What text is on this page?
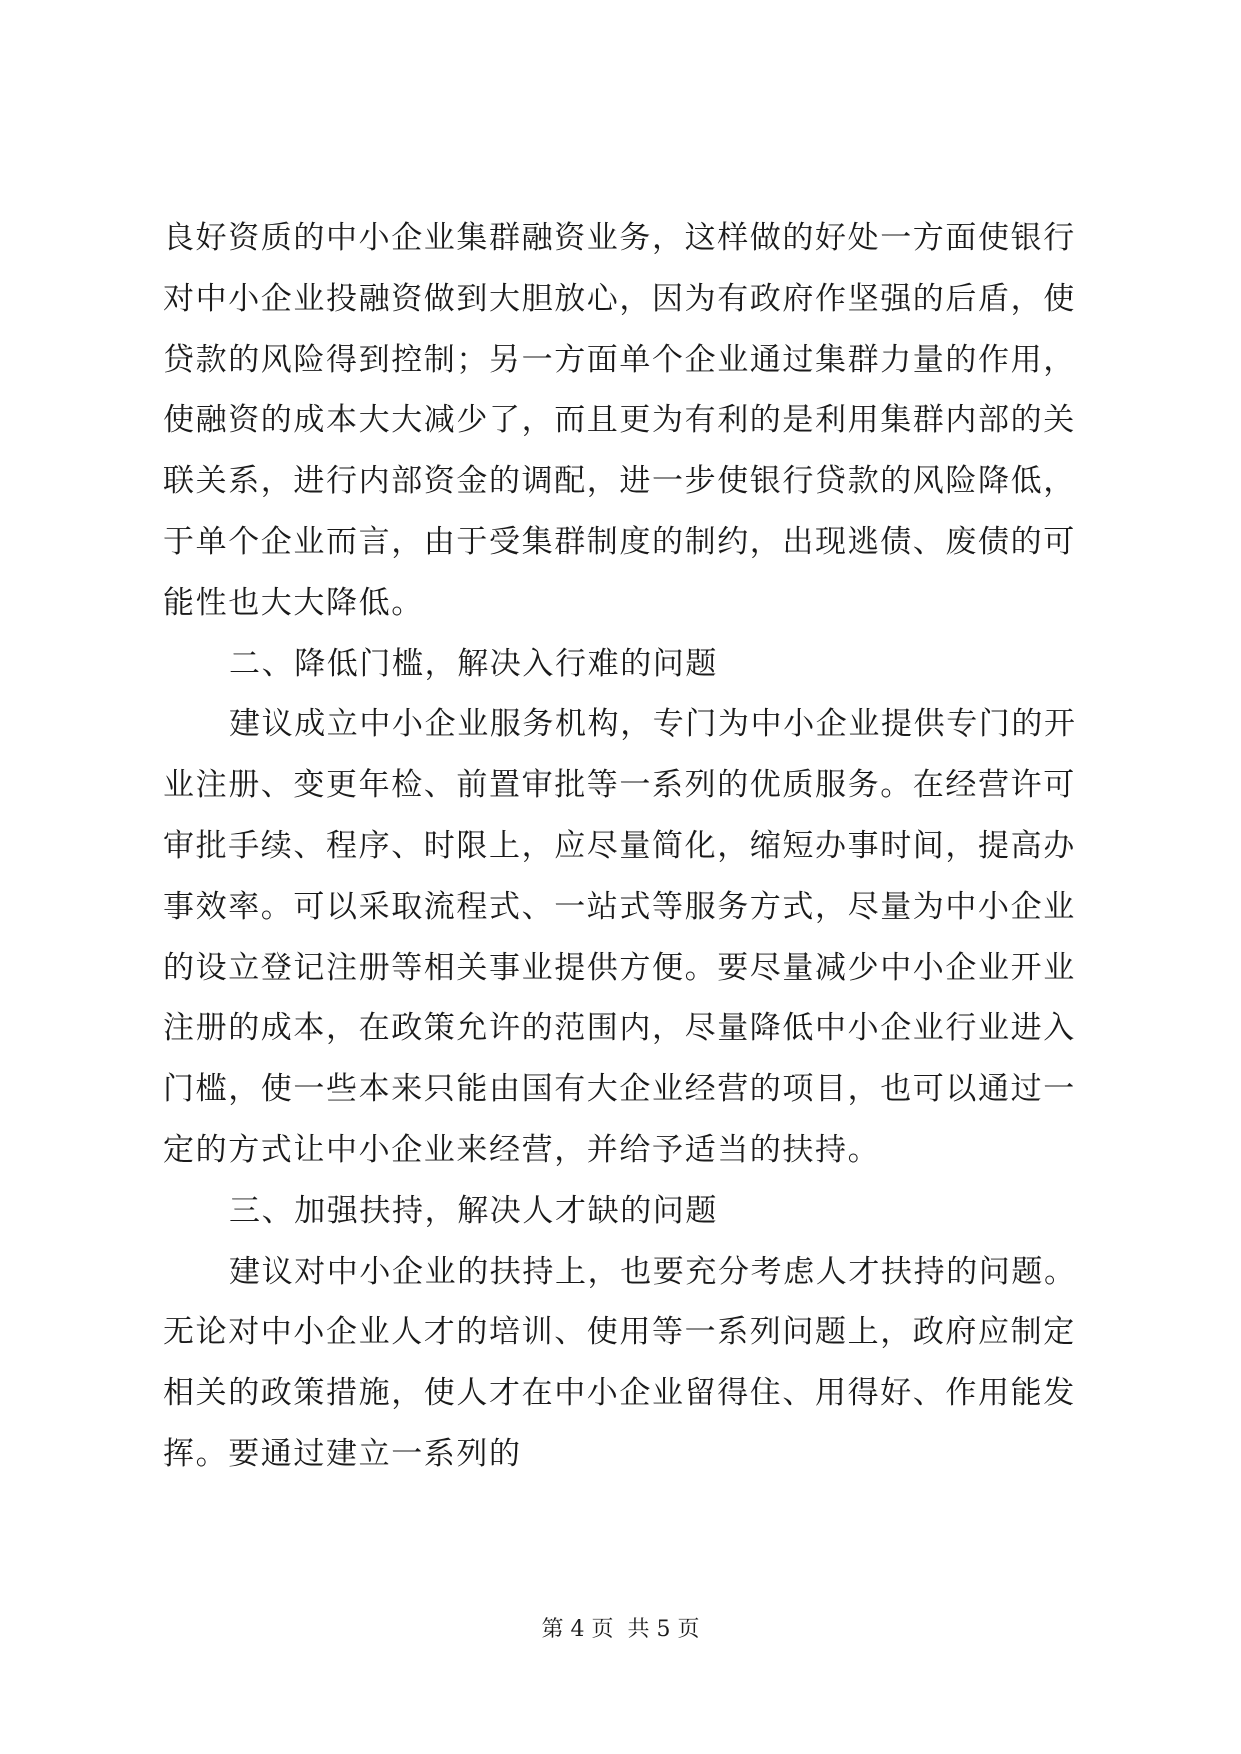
良好资质的中小企业集群融资业务，这样做的好处一方面使银行
对中小企业投融资做到大胆放心，因为有政府作坚强的后盾，使
贷款的风险得到控制；另一方面单个企业通过集群力量的作用，
使融资的成本大大减少了，而且更为有利的是利用集群内部的关
联关系，进行内部资金的调配，进一步使银行贷款的风险降低，
于单个企业而言，由于受集群制度的制约，出现逃债、废债的可
能性也大大降低。
二、降低门槛，解决入行难的问题
建议成立中小企业服务机构，专门为中小企业提供专门的开
业注册、变更年检、前置审批等一系列的优质服务。在经营许可
审批手续、程序、时限上，应尽量简化，缩短办事时间，提高办
事效率。可以采取流程式、一站式等服务方式，尽量为中小企业
的设立登记注册等相关事业提供方便。要尽量减少中小企业开业
注册的成本，在政策允许的范围内，尽量降低中小企业行业进入
门槛，使一些本来只能由国有大企业经营的项目，也可以通过一
定的方式让中小企业来经营，并给予适当的扶持。
三、加强扶持，解决人才缺的问题
建议对中小企业的扶持上，也要充分考虑人才扶持的问题。
无论对中小企业人才的培训、使用等一系列问题上，政府应制定
相关的政策措施，使人才在中小企业留得住、用得好、作用能发
挥。要通过建立一系列的
第 4 页  共 5 页
